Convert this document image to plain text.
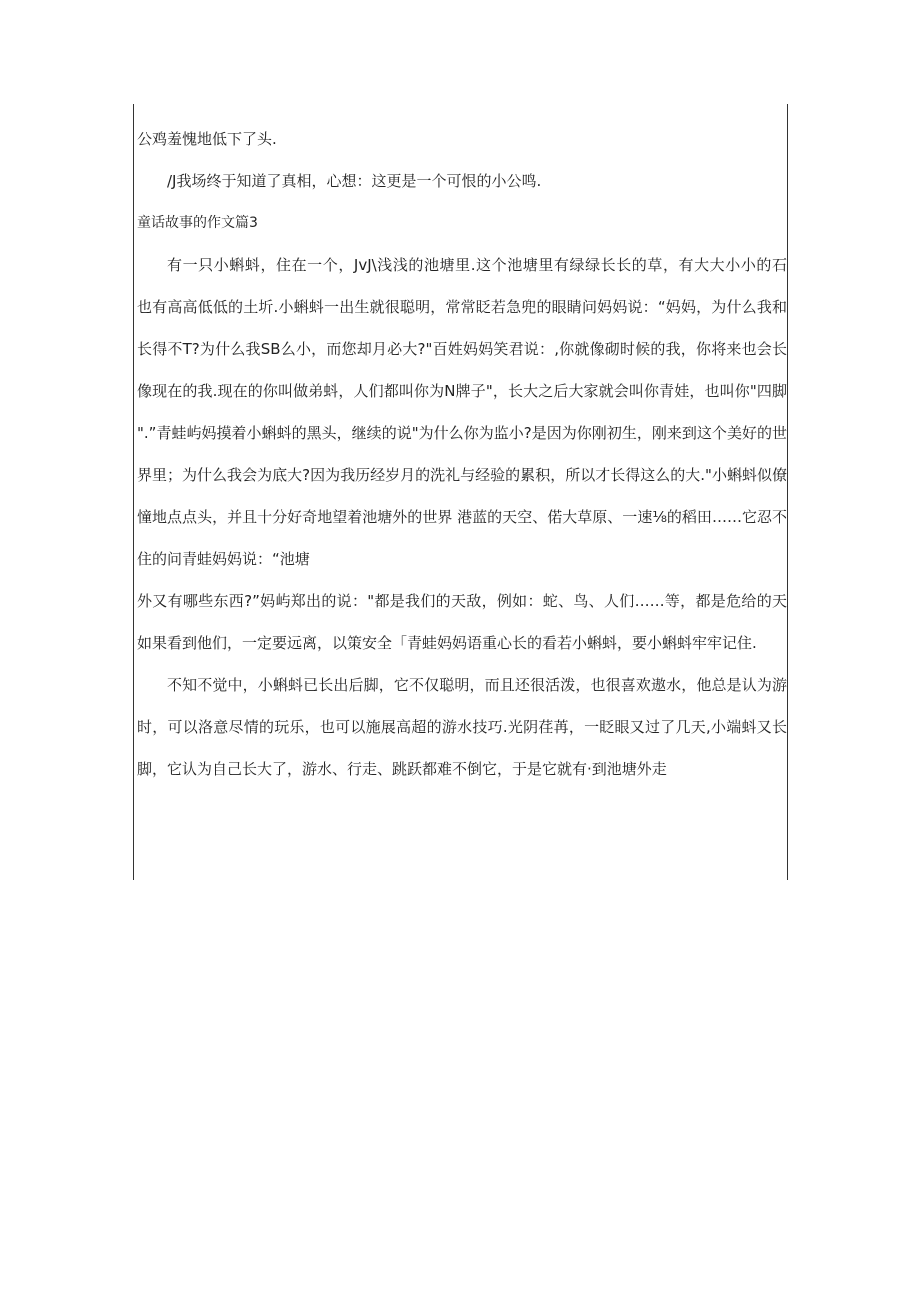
公鸡羞愧地低下了头.
/J我场终于知道了真相，心想：这更是一个可恨的小公鸣.
童话故事的作文篇3
有一只小蝌蚪，住在一个，JvJ\浅浅的池塘里.这个池塘里有绿绿长长的草，有大大小小的石
也有高高低低的土圻.小蝌蚪一出生就很聪明，常常眨若急兜的眼睛问妈妈说：“妈妈，为什么我和
长得不T?为什么我SB么小，而您却月必大?"百姓妈妈笑君说：,你就像砌时候的我，你将来也会长
像现在的我.现在的你叫做弟蚪，人们都叫你为N牌子"，长大之后大家就会叫你青娃，也叫你"四脚
".”青蛙屿妈摸着小蝌蚪的黑头，继续的说"为什么你为监小?是因为你刚初生，刚来到这个美好的世
界里；为什么我会为底大?因为我历经岁月的洗礼与经验的累积，所以才长得这么的大."小蝌蚪似僚
憧地点点头，并且十分好奇地望着池塘外的世界 港蓝的天空、偌大草原、一速⅛的稻田……它忍不
住的问青蛙妈妈说：“池塘
外又有哪些东西?”妈屿郑出的说："都是我们的天敌，例如：蛇、鸟、人们……等，都是危给的天
如果看到他们，一定要远离，以策安全「青蛙妈妈语重心长的看若小蝌蚪，要小蝌蚪牢牢记住.
不知不觉中，小蝌蚪已长出后脚，它不仅聪明，而且还很活泼，也很喜欢遨水，他总是认为游
时，可以洛意尽情的玩乐，也可以施展高超的游水技巧.光阴荏苒，一眨眼又过了几天,小端蚪又长
脚，它认为自己长大了，游水、行走、跳跃都难不倒它，于是它就有·到池塘外走
